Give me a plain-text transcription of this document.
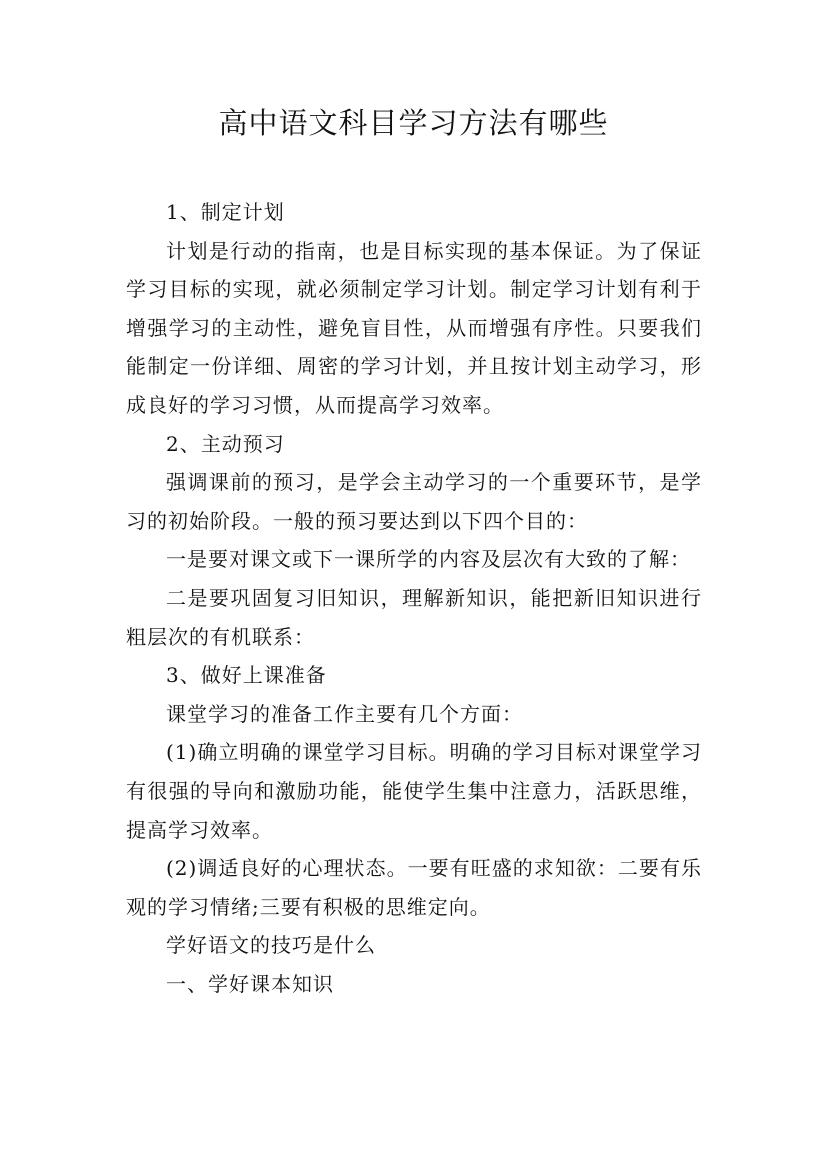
高中语文科目学习方法有哪些

1、制定计划

计划是行动的指南，也是目标实现的基本保证。为了保证学习目标的实现，就必须制定学习计划。制定学习计划有利于增强学习的主动性，避免盲目性，从而增强有序性。只要我们能制定一份详细、周密的学习计划，并且按计划主动学习，形成良好的学习习惯，从而提高学习效率。

2、主动预习

强调课前的预习，是学会主动学习的一个重要环节，是学习的初始阶段。一般的预习要达到以下四个目的：

一是要对课文或下一课所学的内容及层次有大致的了解：

二是要巩固复习旧知识，理解新知识，能把新旧知识进行粗层次的有机联系：

3、做好上课准备

课堂学习的准备工作主要有几个方面：

(1)确立明确的课堂学习目标。明确的学习目标对课堂学习有很强的导向和激励功能，能使学生集中注意力，活跃思维，提高学习效率。

(2)调适良好的心理状态。一要有旺盛的求知欲：二要有乐观的学习情绪;三要有积极的思维定向。

学好语文的技巧是什么

一、学好课本知识
